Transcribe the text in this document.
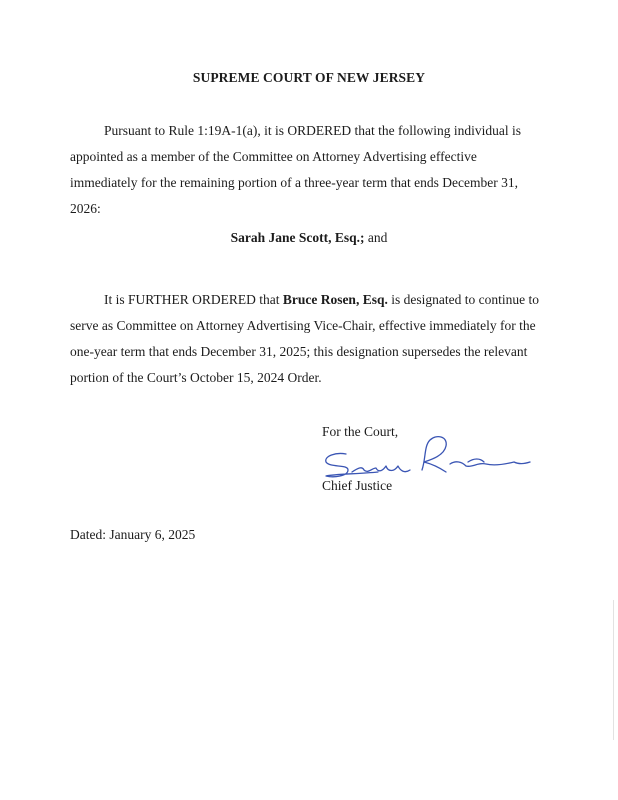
SUPREME COURT OF NEW JERSEY
Pursuant to Rule 1:19A-1(a), it is ORDERED that the following individual is appointed as a member of the Committee on Attorney Advertising effective immediately for the remaining portion of a three-year term that ends December 31, 2026:
Sarah Jane Scott, Esq.; and
It is FURTHER ORDERED that Bruce Rosen, Esq. is designated to continue to serve as Committee on Attorney Advertising Vice-Chair, effective immediately for the one-year term that ends December 31, 2025; this designation supersedes the relevant portion of the Court’s October 15, 2024 Order.
For the Court,
Chief Justice
Dated: January 6, 2025
